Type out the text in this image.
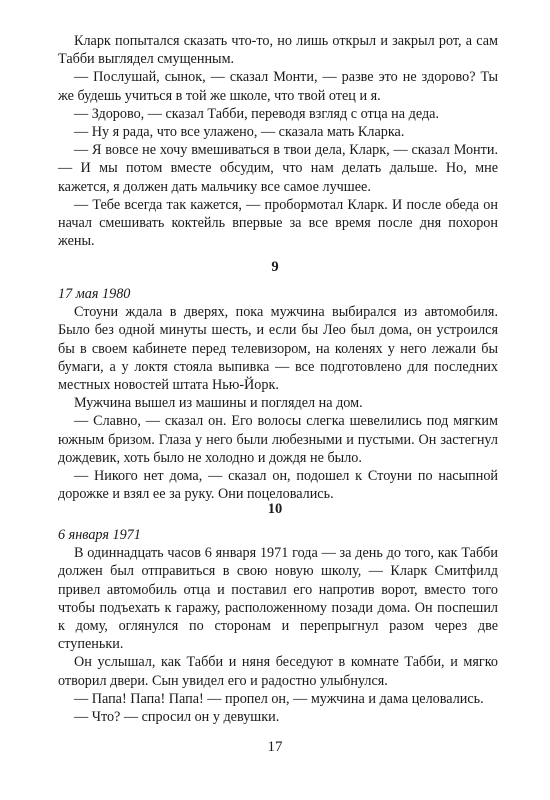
Кларк попытался сказать что-то, но лишь открыл и закрыл рот, а сам Табби выглядел смущенным.

— Послушай, сынок, — сказал Монти, — разве это не здорово? Ты же будешь учиться в той же школе, что твой отец и я.

— Здорово, — сказал Табби, переводя взгляд с отца на деда.

— Ну я рада, что все улажено, — сказала мать Кларка.

— Я вовсе не хочу вмешиваться в твои дела, Кларк, — сказал Монти. — И мы потом вместе обсудим, что нам делать дальше. Но, мне кажется, я должен дать мальчику все самое лучшее.

— Тебе всегда так кажется, — пробормотал Кларк. И после обеда он начал смешивать коктейль впервые за все время после дня похорон жены.

9

17 мая 1980

Стоуни ждала в дверях, пока мужчина выбирался из автомобиля. Было без одной минуты шесть, и если бы Лео был дома, он устроился бы в своем кабинете перед телевизором, на коленях у него лежали бы бумаги, а у локтя стояла выпивка — все подготовлено для последних местных новостей штата Нью-Йорк.

Мужчина вышел из машины и поглядел на дом.

— Славно, — сказал он. Его волосы слегка шевелились под мягким южным бризом. Глаза у него были любезными и пустыми. Он застегнул дождевик, хоть было не холодно и дождя не было.

— Никого нет дома, — сказал он, подошел к Стоуни по насыпной дорожке и взял ее за руку. Они поцеловались.

10

6 января 1971

В одиннадцать часов 6 января 1971 года — за день до того, как Табби должен был отправиться в свою новую школу, — Кларк Смитфилд привел автомобиль отца и поставил его напротив ворот, вместо того чтобы подъехать к гаражу, расположенному позади дома. Он поспешил к дому, оглянулся по сторонам и перепрыгнул разом через две ступеньки.

Он услышал, как Табби и няня беседуют в комнате Табби, и мягко отворил двери. Сын увидел его и радостно улыбнулся.

— Папа! Папа! Папа! — пропел он, — мужчина и дама целовались.

— Что? — спросил он у девушки.

17
